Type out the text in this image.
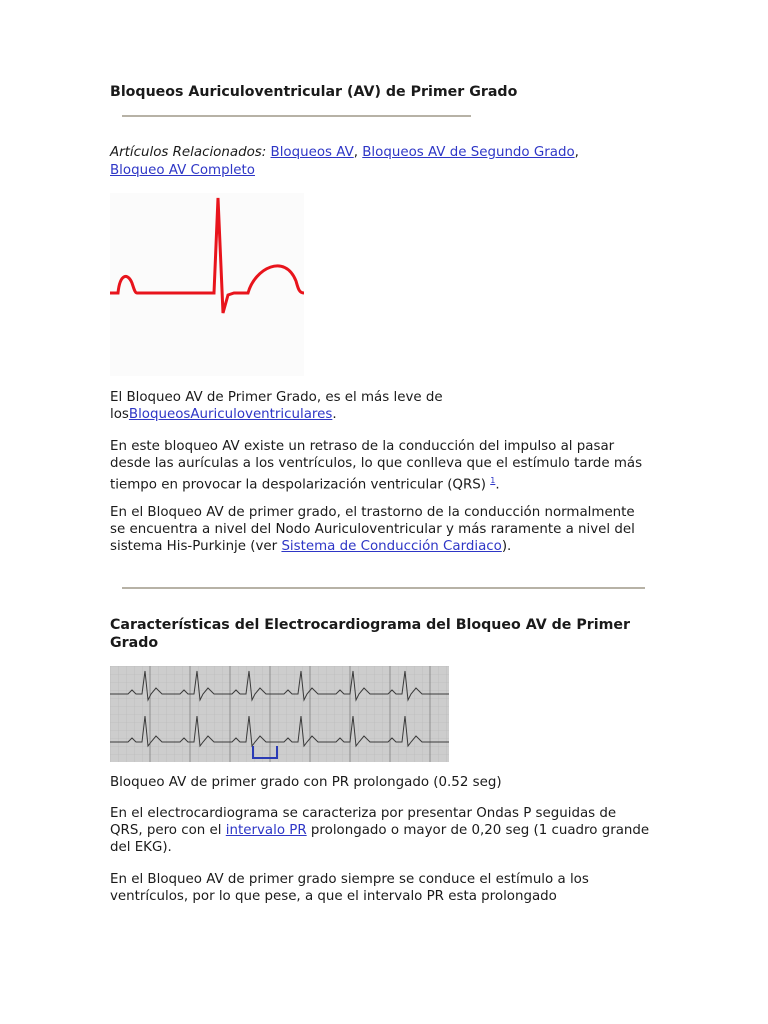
Bloqueos Auriculoventricular (AV) de Primer Grado
Artículos Relacionados: Bloqueos AV, Bloqueos AV de Segundo Grado, Bloqueo AV Completo

El Bloqueo AV de Primer Grado, es el más leve de losBloqueosAuriculoventriculares.

En este bloqueo AV existe un retraso de la conducción del impulso al pasar desde las aurículas a los ventrículos, lo que conlleva que el estímulo tarde más tiempo en provocar la despolarización ventricular (QRS) $^1$.

En el Bloqueo AV de primer grado, el trastorno de la conducción normalmente se encuentra a nivel del Nodo Auriculoventricular y más raramente a nivel del sistema His-Purkinje (ver Sistema de Conducción Cardiaco).

Características del Electrocardiograma del Bloqueo AV de Primer Grado

Bloqueo AV de primer grado con PR prolongado (0.52 seg)

En el electrocardiograma se caracteriza por presentar Ondas P seguidas de QRS, pero con el intervalo PR prolongado o mayor de 0,20 seg (1 cuadro grande del EKG).

En el Bloqueo AV de primer grado siempre se conduce el estímulo a los ventrículos, por lo que pese, a que el intervalo PR esta prolongado
